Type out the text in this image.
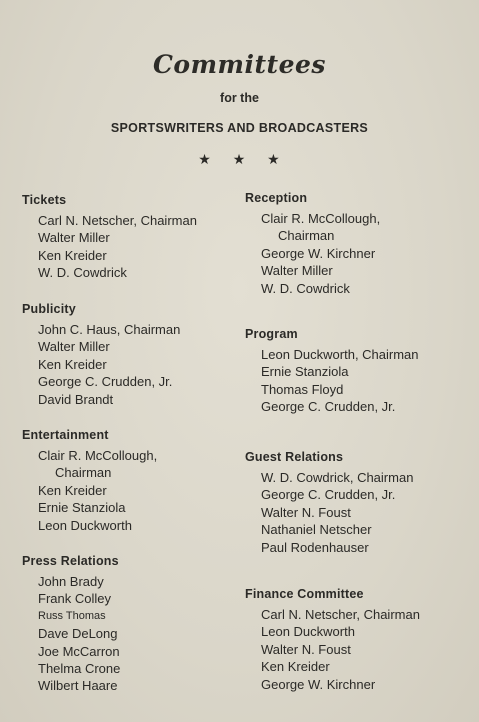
Committees
for the
SPORTSWRITERS AND BROADCASTERS
★ ★ ★
Tickets
Carl N. Netscher, Chairman
Walter Miller
Ken Kreider
W. D. Cowdrick
Publicity
John C. Haus, Chairman
Walter Miller
Ken Kreider
George C. Crudden, Jr.
David Brandt
Entertainment
Clair R. McCollough,
Chairman
Ken Kreider
Ernie Stanziola
Leon Duckworth
Press Relations
John Brady
Frank Colley
Russ Thomas
Dave DeLong
Joe McCarron
Thelma Crone
Wilbert Haare
Reception
Clair R. McCollough,
Chairman
George W. Kirchner
Walter Miller
W. D. Cowdrick
Program
Leon Duckworth, Chairman
Ernie Stanziola
Thomas Floyd
George C. Crudden, Jr.
Guest Relations
W. D. Cowdrick, Chairman
George C. Crudden, Jr.
Walter N. Foust
Nathaniel Netscher
Paul Rodenhauser
Finance Committee
Carl N. Netscher, Chairman
Leon Duckworth
Walter N. Foust
Ken Kreider
George W. Kirchner
